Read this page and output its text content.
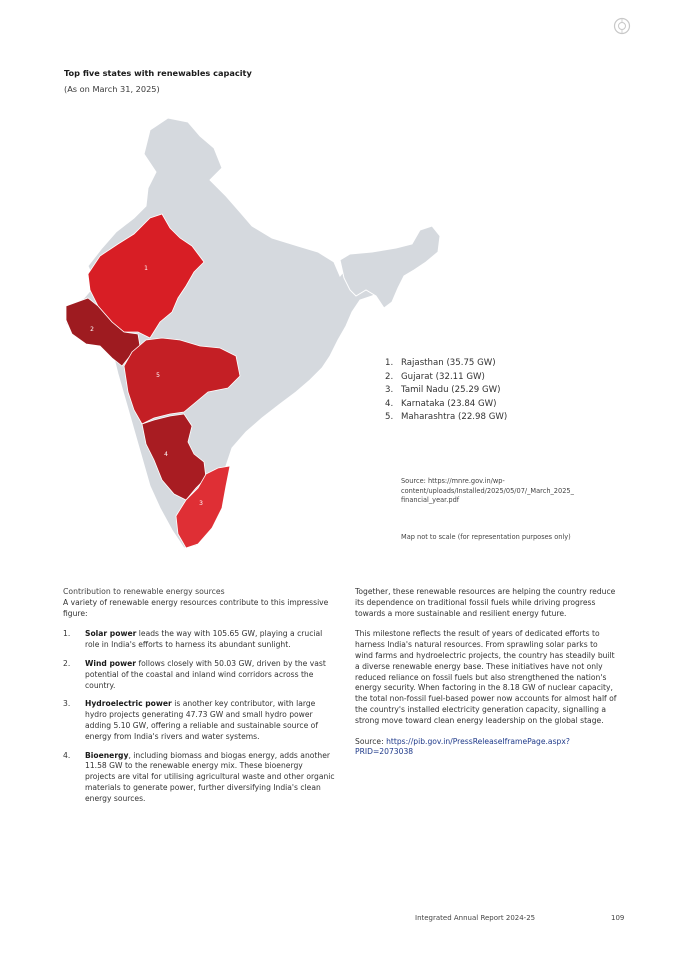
Top five states with renewables capacity
(As on March 31, 2025)
1
2
3
4
5
1. Rajasthan (35.75 GW)
2. Gujarat (32.11 GW)
3. Tamil Nadu (25.29 GW)
4. Karnataka (23.84 GW)
5. Maharashtra (22.98 GW)
Source: https://mnre.gov.in/wp-content/uploads/Installed/2025/05/07/_March_2025_ financial_year.pdf
Map not to scale (for representation purposes only)

Contribution to renewable energy sources

A variety of renewable energy resources contribute to this impressive figure:

1. Solar power leads the way with 105.65 GW, playing a crucial role in India's efforts to harness its abundant sunlight.
2. Wind power follows closely with 50.03 GW, driven by the vast potential of the coastal and inland wind corridors across the country.
3. Hydroelectric power is another key contributor, with large hydro projects generating 47.73 GW and small hydro power adding 5.10 GW, offering a reliable and sustainable source of energy from India's rivers and water systems.
4. Bioenergy, including biomass and biogas energy, adds another 11.58 GW to the renewable energy mix. These bioenergy projects are vital for utilising agricultural waste and other organic materials to generate power, further diversifying India's clean energy sources.

Together, these renewable resources are helping the country reduce its dependence on traditional fossil fuels while driving progress towards a more sustainable and resilient energy future.

This milestone reflects the result of years of dedicated efforts to harness India's natural resources. From sprawling solar parks to wind farms and hydroelectric projects, the country has steadily built a diverse renewable energy base. These initiatives have not only reduced reliance on fossil fuels but also strengthened the nation's energy security. When factoring in the 8.18 GW of nuclear capacity, the total non-fossil fuel-based power now accounts for almost half of the country's installed electricity generation capacity, signalling a strong move toward clean energy leadership on the global stage.

Source: https://pib.gov.in/PressReleaseIframePage.aspx?PRID=2073038

Integrated Annual Report 2024-25	109
